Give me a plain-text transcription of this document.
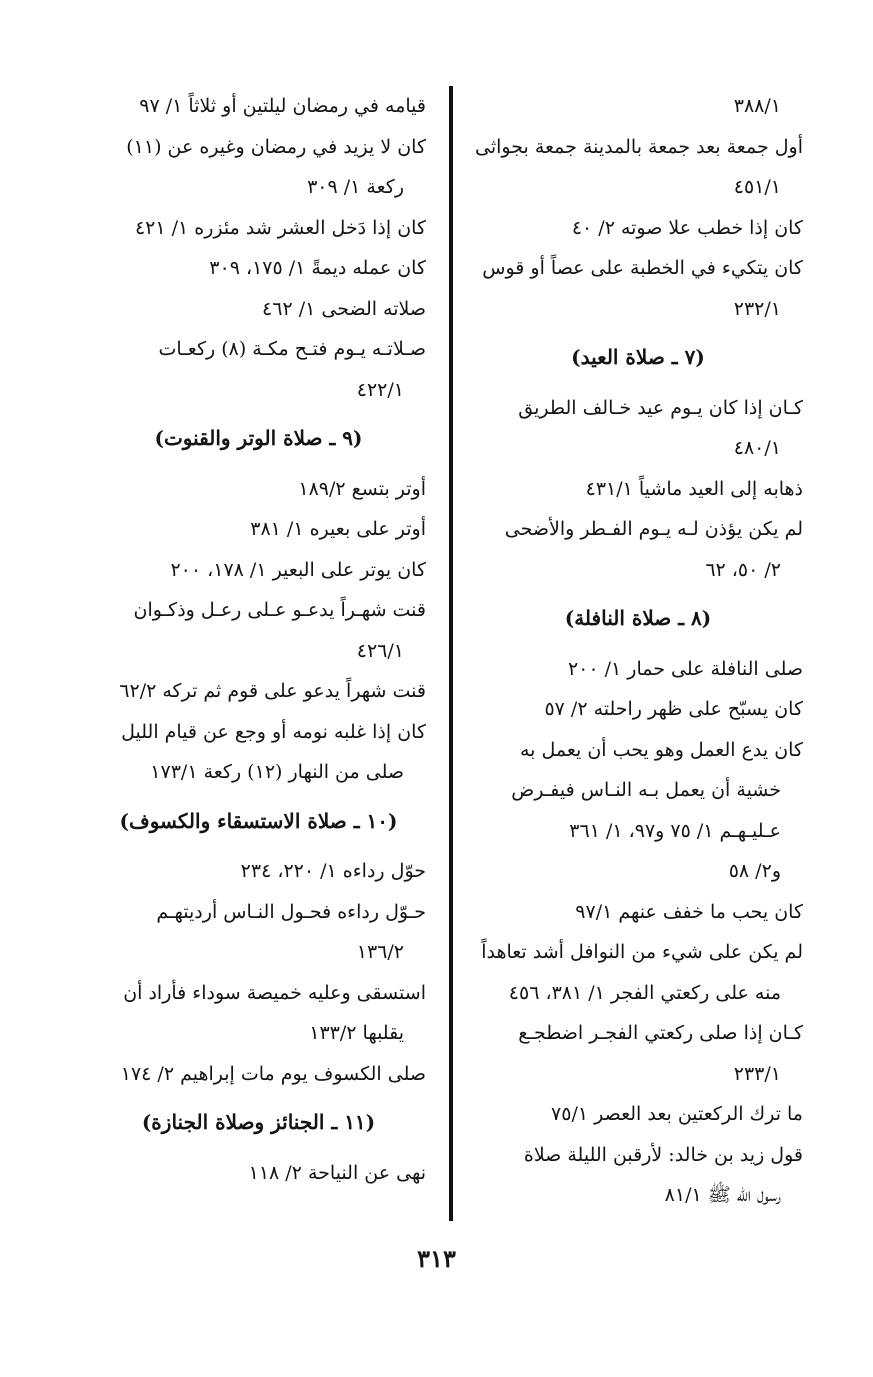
٣٨٨/١
أول جمعة بعد جمعة بالمدينة جمعة بجواثى
٤٥١/١
كان إذا خطب علا صوته ٢/ ٤٠
كان يتكيء في الخطبة على عصاً أو قوس
٢٣٢/١
(٧ ـ صلاة العيد)
كـان إذا كان يـوم عيد خـالف الطريق
٤٨٠/١
ذهابه إلى العيد ماشياً ٤٣١/١
لم يكن يؤذن لـه يـوم الفـطر والأضحى
٢/ ٥٠، ٦٢
(٨ ـ صلاة النافلة)
صلى النافلة على حمار ١/ ٢٠٠
كان يسبّح على ظهر راحلته ٢/ ٥٧
كان يدع العمل وهو يحب أن يعمل به
خشية أن يعمل بـه النـاس فيفـرض
عـليـهـم ١/ ٧٥ و٩٧، ١/ ٣٦١
و٢/ ٥٨
كان يحب ما خفف عنهم ٩٧/١
لم يكن على شيء من النوافل أشد تعاهداً
منه على ركعتي الفجر ١/ ٣٨١، ٤٥٦
كـان إذا صلى ركعتي الفجـر اضطجـع
٢٣٣/١
ما ترك الركعتين بعد العصر ٧٥/١
قول زيد بن خالد: لأرقبن الليلة صلاة
رسول الله ﷺ ٨١/١
قيامه في رمضان ليلتين أو ثلاثاً ١/ ٩٧
كان لا يزيد في رمضان وغيره عن (١١)
ركعة ١/ ٣٠٩
كان إذا دَخل العشر شد مئزره ١/ ٤٢١
كان عمله ديمةً ١/ ١٧٥، ٣٠٩
صلاته الضحى ١/ ٤٦٢
صـلاتـه يـوم فتـح مكـة (٨) ركعـات
٤٢٢/١
(٩ ـ صلاة الوتر والقنوت)
أوتر بتسع ١٨٩/٢
أوتر على بعيره ١/ ٣٨١
كان يوتر على البعير ١/ ١٧٨، ٢٠٠
قنت شهـراً يدعـو عـلى رعـل وذكـوان
٤٢٦/١
قنت شهراً يدعو على قوم ثم تركه ٦٢/٢
كان إذا غلبه نومه أو وجع عن قيام الليل
صلى من النهار (١٢) ركعة ١٧٣/١
(١٠ ـ صلاة الاستسقاء والكسوف)
حوّل رداءه ١/ ٢٢٠، ٢٣٤
حـوّل رداءه فحـول النـاس أرديتهـم
١٣٦/٢
استسقى وعليه خميصة سوداء فأراد أن
يقلبها ١٣٣/٢
صلى الكسوف يوم مات إبراهيم ٢/ ١٧٤
(١١ ـ الجنائز وصلاة الجنازة)
نهى عن النياحة ٢/ ١١٨
٣١٣
